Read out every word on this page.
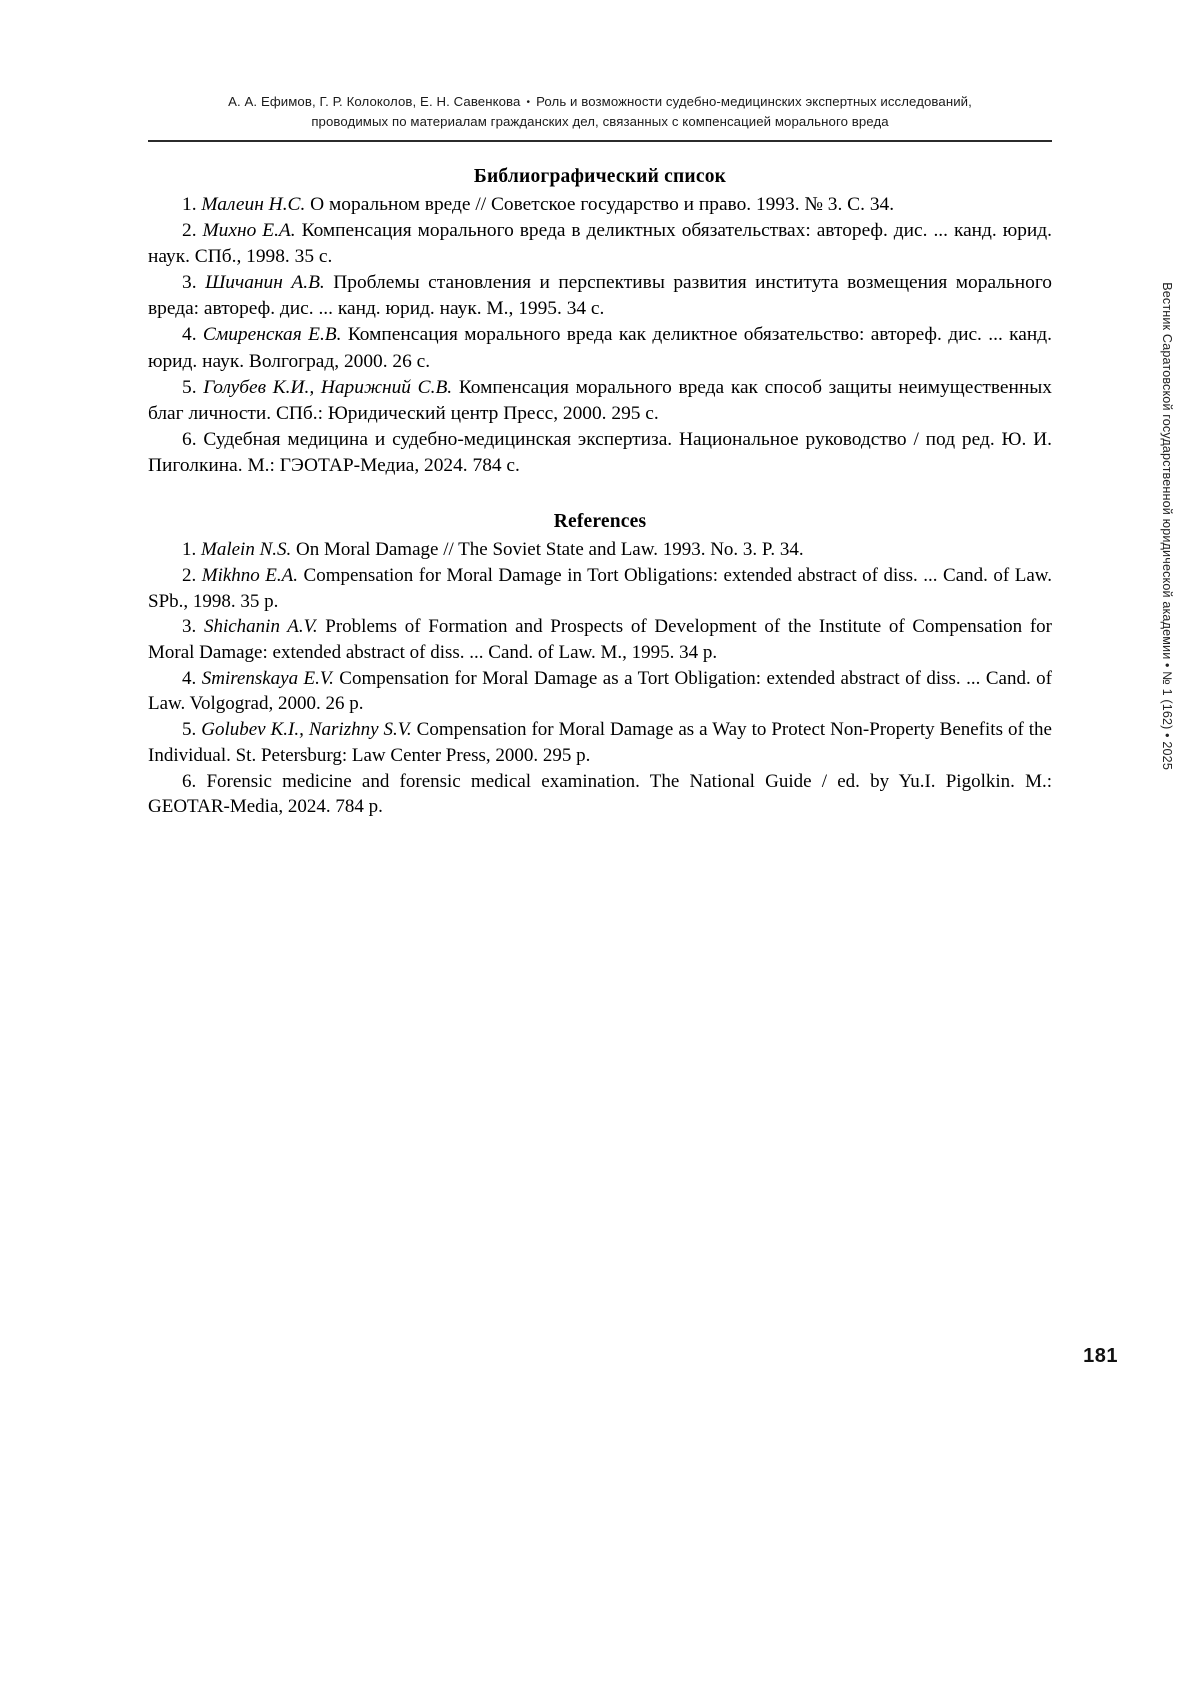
А. А. Ефимов, Г. Р. Колоколов, Е. Н. Савенкова • Роль и возможности судебно-медицинских экспертных исследований,
проводимых по материалам гражданских дел, связанных с компенсацией морального вреда
Библиографический список

1. Малеин Н.С. О моральном вреде // Советское государство и право. 1993. № 3. С. 34.

2. Михно Е.А. Компенсация морального вреда в деликтных обязательствах: автореф. дис. ... канд. юрид. наук. СПб., 1998. 35 с.

3. Шичанин А.В. Проблемы становления и перспективы развития института возмещения морального вреда: автореф. дис. ... канд. юрид. наук. М., 1995. 34 с.

4. Смиренская Е.В. Компенсация морального вреда как деликтное обязательство: автореф. дис. ... канд. юрид. наук. Волгоград, 2000. 26 с.

5. Голубев К.И., Нарижний С.В. Компенсация морального вреда как способ защиты неимущественных благ личности. СПб.: Юридический центр Пресс, 2000. 295 с.

6. Судебная медицина и судебно-медицинская экспертиза. Национальное руководство / под ред. Ю. И. Пиголкина. М.: ГЭОТАР-Медиа, 2024. 784 с.

References

1. Malein N.S. On Moral Damage // The Soviet State and Law. 1993. No. 3. P. 34.

2. Mikhno E.A. Compensation for Moral Damage in Tort Obligations: extended abstract of diss. ... Cand. of Law. SPb., 1998. 35 p.

3. Shichanin A.V. Problems of Formation and Prospects of Development of the Institute of Compensation for Moral Damage: extended abstract of diss. ... Cand. of Law. M., 1995. 34 p.

4. Smirenskaya E.V. Compensation for Moral Damage as a Tort Obligation: extended abstract of diss. ... Cand. of Law. Volgograd, 2000. 26 p.

5. Golubev K.I., Narizhny S.V. Compensation for Moral Damage as a Way to Protect Non-Property Benefits of the Individual. St. Petersburg: Law Center Press, 2000. 295 p.

6. Forensic medicine and forensic medical examination. The National Guide / ed. by Yu.I. Pigolkin. M.: GEOTAR-Media, 2024. 784 p.

Вестник Саратовской государственной юридической академии • № 1 (162) • 2025
181
